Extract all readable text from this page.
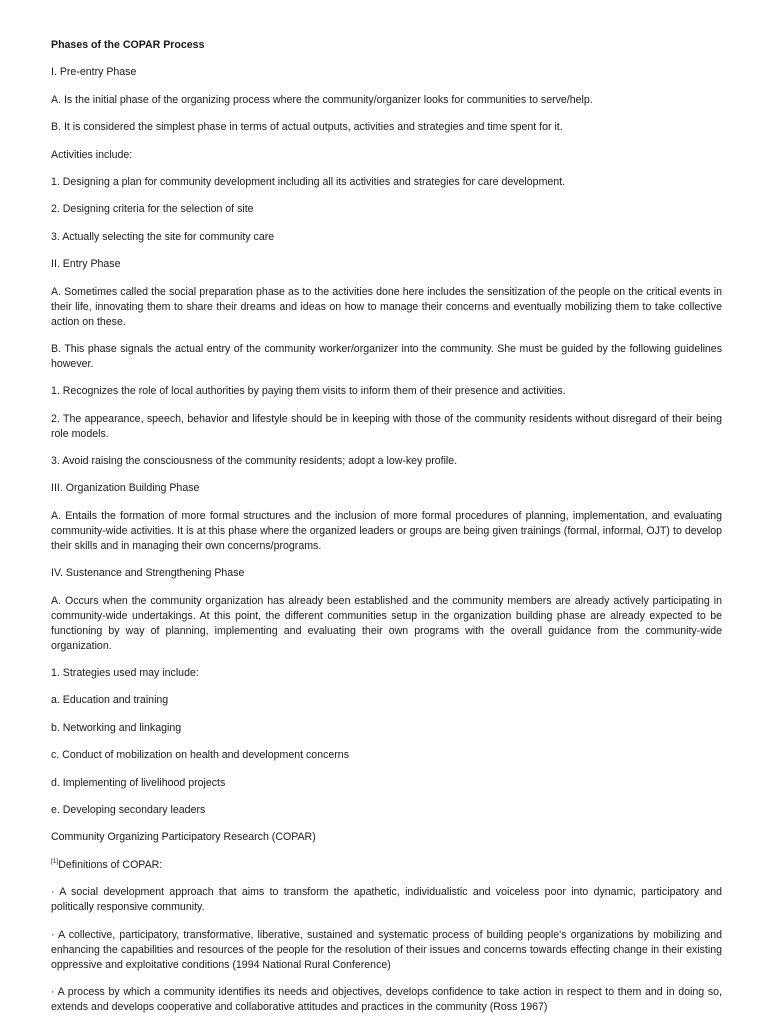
Phases of the COPAR Process

I. Pre-entry Phase

A. Is the initial phase of the organizing process where the community/organizer looks for communities to serve/help.

B. It is considered the simplest phase in terms of actual outputs, activities and strategies and time spent for it.

Activities include:

1. Designing a plan for community development including all its activities and strategies for care development.

2. Designing criteria for the selection of site

3. Actually selecting the site for community care

II. Entry Phase

A. Sometimes called the social preparation phase as to the activities done here includes the sensitization of the people on the critical events in their life, innovating them to share their dreams and ideas on how to manage their concerns and eventually mobilizing them to take collective action on these.

B. This phase signals the actual entry of the community worker/organizer into the community. She must be guided by the following guidelines however.

1. Recognizes the role of local authorities by paying them visits to inform them of their presence and activities.

2. The appearance, speech, behavior and lifestyle should be in keeping with those of the community residents without disregard of their being role models.

3. Avoid raising the consciousness of the community residents; adopt a low-key profile.

III. Organization Building Phase

A. Entails the formation of more formal structures and the inclusion of more formal procedures of planning, implementation, and evaluating community-wide activities. It is at this phase where the organized leaders or groups are being given trainings (formal, informal, OJT) to develop their skills and in managing their own concerns/programs.

IV. Sustenance and Strengthening Phase

A. Occurs when the community organization has already been established and the community members are already actively participating in community-wide undertakings. At this point, the different communities setup in the organization building phase are already expected to be functioning by way of planning, implementing and evaluating their own programs with the overall guidance from the community-wide organization.

1. Strategies used may include:

a. Education and training

b. Networking and linkaging

c. Conduct of mobilization on health and development concerns

d. Implementing of livelihood projects

e. Developing secondary leaders

Community Organizing Participatory Research (COPAR)

[1]Definitions of COPAR:

· A social development approach that aims to transform the apathetic, individualistic and voiceless poor into dynamic, participatory and politically responsive community.

· A collective, participatory, transformative, liberative, sustained and systematic process of building people's organizations by mobilizing and enhancing the capabilities and resources of the people for the resolution of their issues and concerns towards effecting change in their existing oppressive and exploitative conditions (1994 National Rural Conference)

· A process by which a community identifies its needs and objectives, develops confidence to take action in respect to them and in doing so, extends and develops cooperative and collaborative attitudes and practices in the community (Ross 1967)
